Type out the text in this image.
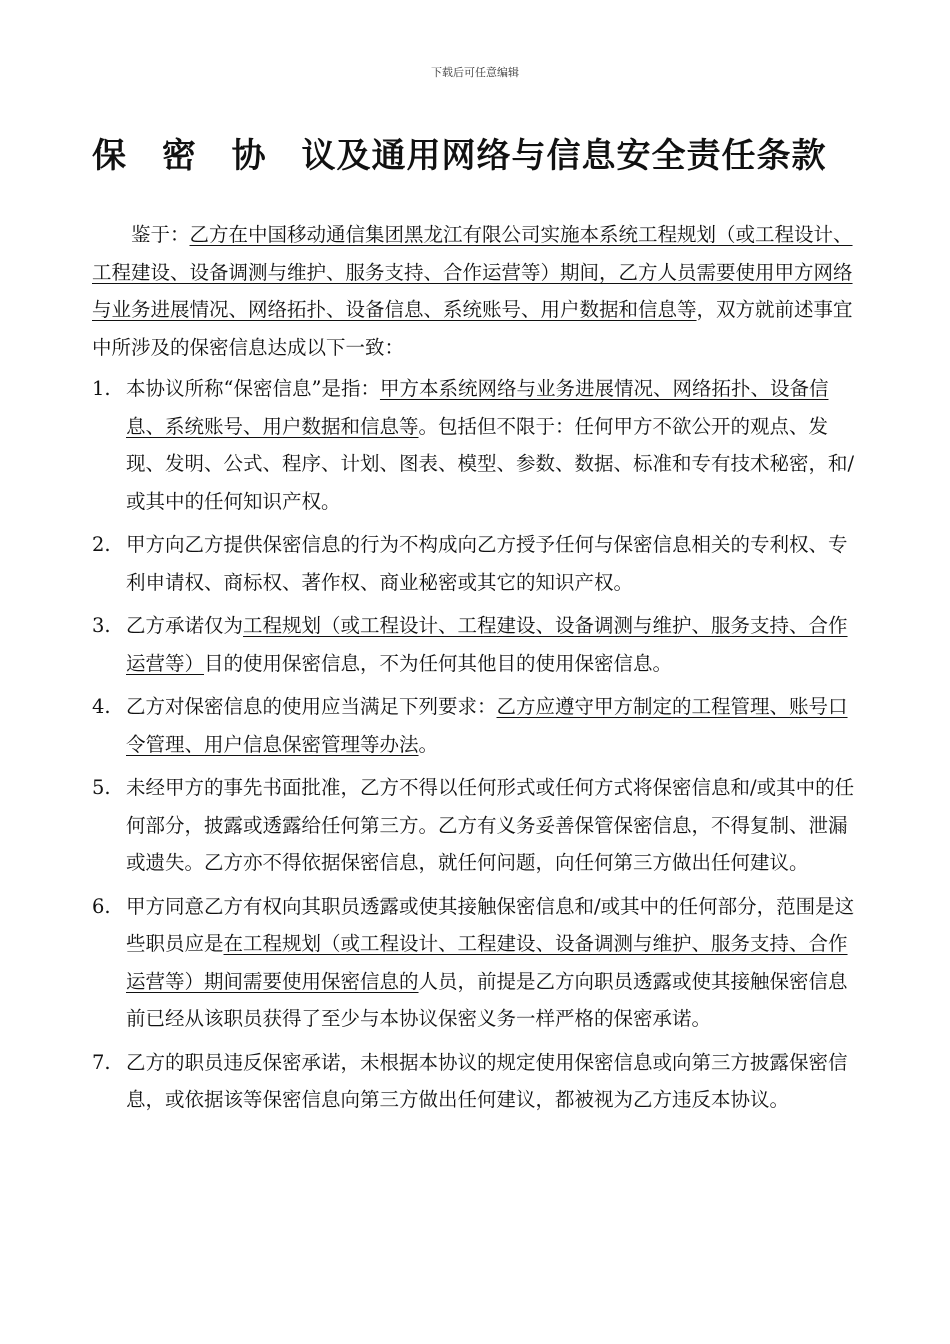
下载后可任意编辑
保 密 协 议及通用网络与信息安全责任条款

鉴于：乙方在中国移动通信集团黑龙江有限公司实施本系统工程规划（或工程设计、工程建设、设备调测与维护、服务支持、合作运营等）期间，乙方人员需要使用甲方网络与业务进展情况、网络拓扑、设备信息、系统账号、用户数据和信息等，双方就前述事宜中所涉及的保密信息达成以下一致：

1. 本协议所称“保密信息”是指：甲方本系统网络与业务进展情况、网络拓扑、设备信息、系统账号、用户数据和信息等。包括但不限于：任何甲方不欲公开的观点、发现、发明、公式、程序、计划、图表、模型、参数、数据、标准和专有技术秘密，和/或其中的任何知识产权。
2. 甲方向乙方提供保密信息的行为不构成向乙方授予任何与保密信息相关的专利权、专利申请权、商标权、著作权、商业秘密或其它的知识产权。
3. 乙方承诺仅为工程规划（或工程设计、工程建设、设备调测与维护、服务支持、合作运营等）目的使用保密信息，不为任何其他目的使用保密信息。
4. 乙方对保密信息的使用应当满足下列要求：乙方应遵守甲方制定的工程管理、账号口令管理、用户信息保密管理等办法。
5. 未经甲方的事先书面批准，乙方不得以任何形式或任何方式将保密信息和/或其中的任何部分，披露或透露给任何第三方。乙方有义务妥善保管保密信息，不得复制、泄漏或遗失。乙方亦不得依据保密信息，就任何问题，向任何第三方做出任何建议。
6. 甲方同意乙方有权向其职员透露或使其接触保密信息和/或其中的任何部分，范围是这些职员应是在工程规划（或工程设计、工程建设、设备调测与维护、服务支持、合作运营等）期间需要使用保密信息的人员，前提是乙方向职员透露或使其接触保密信息前已经从该职员获得了至少与本协议保密义务一样严格的保密承诺。
7. 乙方的职员违反保密承诺，未根据本协议的规定使用保密信息或向第三方披露保密信息，或依据该等保密信息向第三方做出任何建议，都被视为乙方违反本协议。
